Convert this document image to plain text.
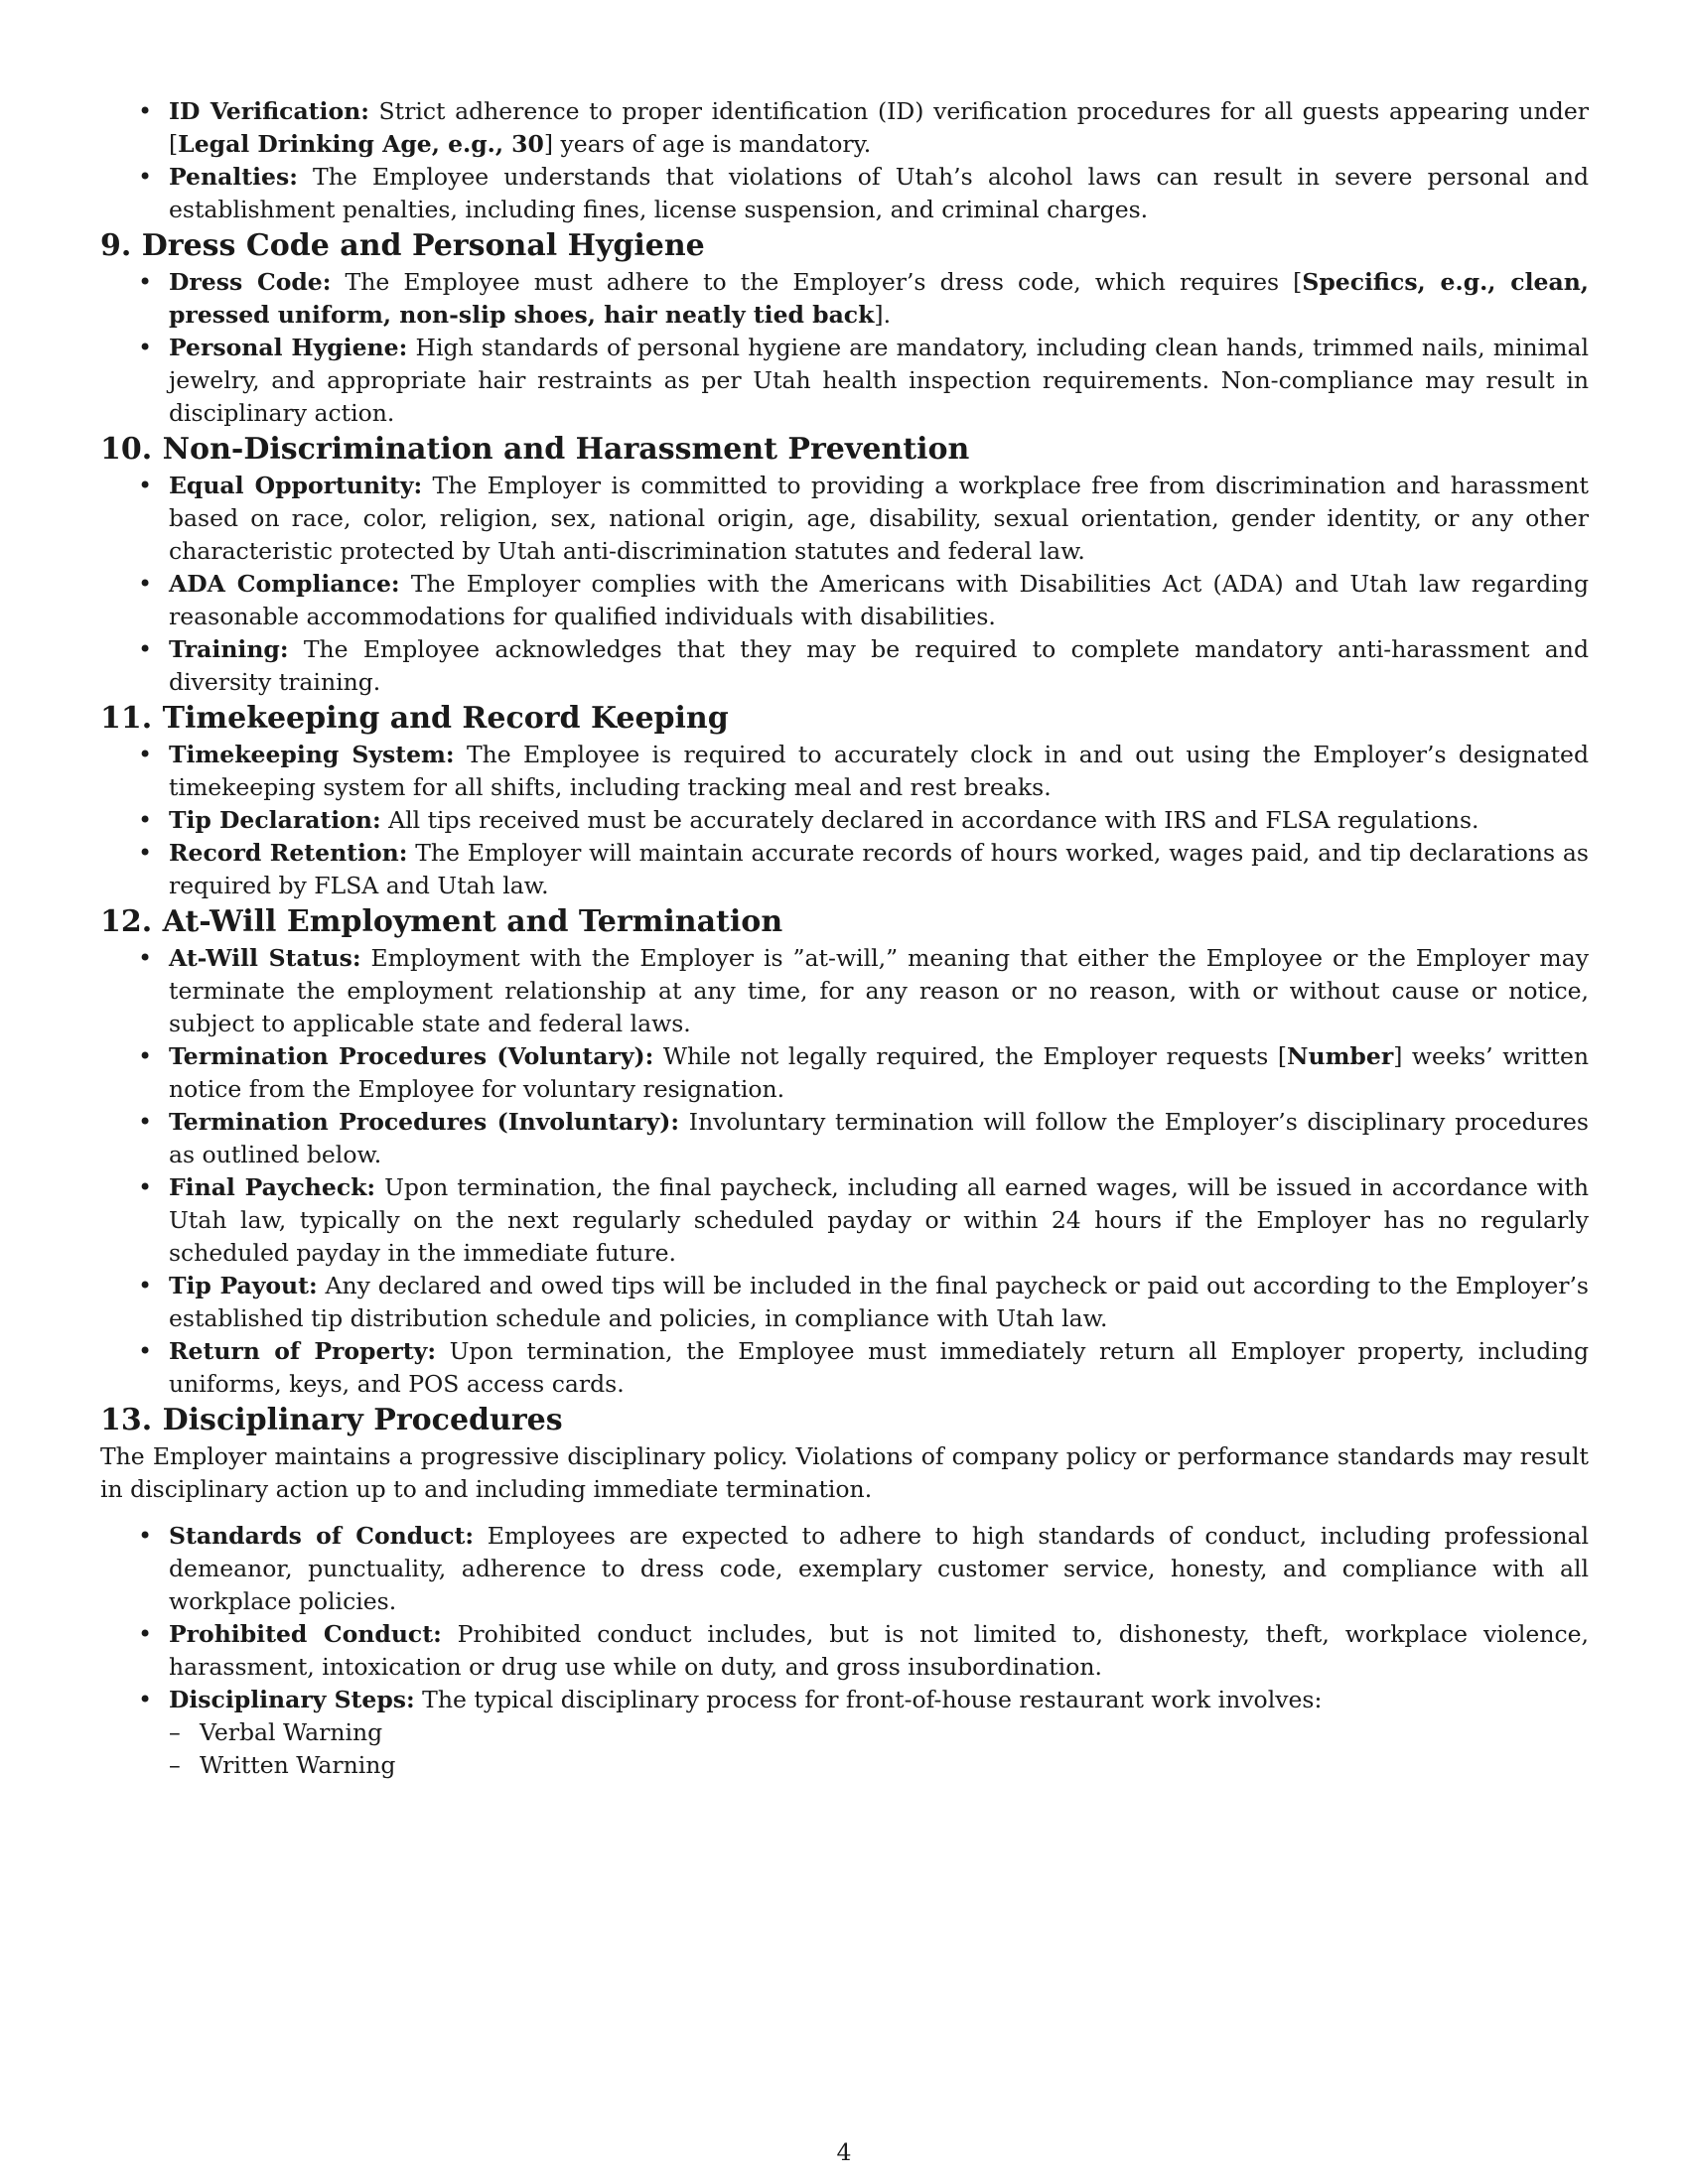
• ID Verification: Strict adherence to proper identification (ID) verification procedures for all guests appearing under [Legal Drinking Age, e.g., 30] years of age is mandatory.
• Penalties: The Employee understands that violations of Utah’s alcohol laws can result in severe personal and establishment penalties, including fines, license suspension, and criminal charges.
9. Dress Code and Personal Hygiene
• Dress Code: The Employee must adhere to the Employer’s dress code, which requires [Specifics, e.g., clean, pressed uniform, non-slip shoes, hair neatly tied back].
• Personal Hygiene: High standards of personal hygiene are mandatory, including clean hands, trimmed nails, minimal jewelry, and appropriate hair restraints as per Utah health inspection requirements. Non-compliance may result in disciplinary action.
10. Non-Discrimination and Harassment Prevention
• Equal Opportunity: The Employer is committed to providing a workplace free from discrimination and harassment based on race, color, religion, sex, national origin, age, disability, sexual orientation, gender identity, or any other characteristic protected by Utah anti-discrimination statutes and federal law.
• ADA Compliance: The Employer complies with the Americans with Disabilities Act (ADA) and Utah law regarding reasonable accommodations for qualified individuals with disabilities.
• Training: The Employee acknowledges that they may be required to complete mandatory anti-harassment and diversity training.
11. Timekeeping and Record Keeping
• Timekeeping System: The Employee is required to accurately clock in and out using the Employer’s designated timekeeping system for all shifts, including tracking meal and rest breaks.
• Tip Declaration: All tips received must be accurately declared in accordance with IRS and FLSA regulations.
• Record Retention: The Employer will maintain accurate records of hours worked, wages paid, and tip declarations as required by FLSA and Utah law.
12. At-Will Employment and Termination
• At-Will Status: Employment with the Employer is ”at-will,” meaning that either the Employee or the Employer may terminate the employment relationship at any time, for any reason or no reason, with or without cause or notice, subject to applicable state and federal laws.
• Termination Procedures (Voluntary): While not legally required, the Employer requests [Number] weeks’ written notice from the Employee for voluntary resignation.
• Termination Procedures (Involuntary): Involuntary termination will follow the Employer’s disciplinary procedures as outlined below.
• Final Paycheck: Upon termination, the final paycheck, including all earned wages, will be issued in accordance with Utah law, typically on the next regularly scheduled payday or within 24 hours if the Employer has no regularly scheduled payday in the immediate future.
• Tip Payout: Any declared and owed tips will be included in the final paycheck or paid out according to the Employer’s established tip distribution schedule and policies, in compliance with Utah law.
• Return of Property: Upon termination, the Employee must immediately return all Employer property, including uniforms, keys, and POS access cards.
13. Disciplinary Procedures

The Employer maintains a progressive disciplinary policy. Violations of company policy or performance standards may result in disciplinary action up to and including immediate termination.

• Standards of Conduct: Employees are expected to adhere to high standards of conduct, including professional demeanor, punctuality, adherence to dress code, exemplary customer service, honesty, and compliance with all workplace policies.
• Prohibited Conduct: Prohibited conduct includes, but is not limited to, dishonesty, theft, workplace violence, harassment, intoxication or drug use while on duty, and gross insubordination.
• Disciplinary Steps: The typical disciplinary process for front-of-house restaurant work involves:
– Verbal Warning
– Written Warning
4
